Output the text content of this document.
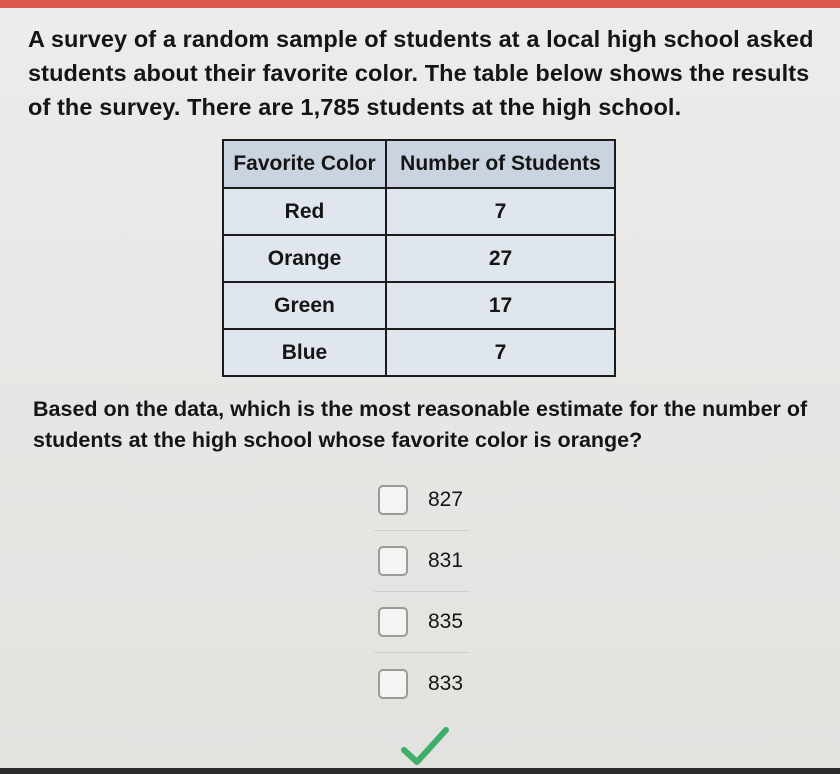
A survey of a random sample of students at a local high school asked students about their favorite color. The table below shows the results of the survey. There are 1,785 students at the high school.

Favorite Color	Number of Students
Red	7
Orange	27
Green	17
Blue	7

Based on the data, which is the most reasonable estimate for the number of students at the high school whose favorite color is orange?

827
831
835
833
